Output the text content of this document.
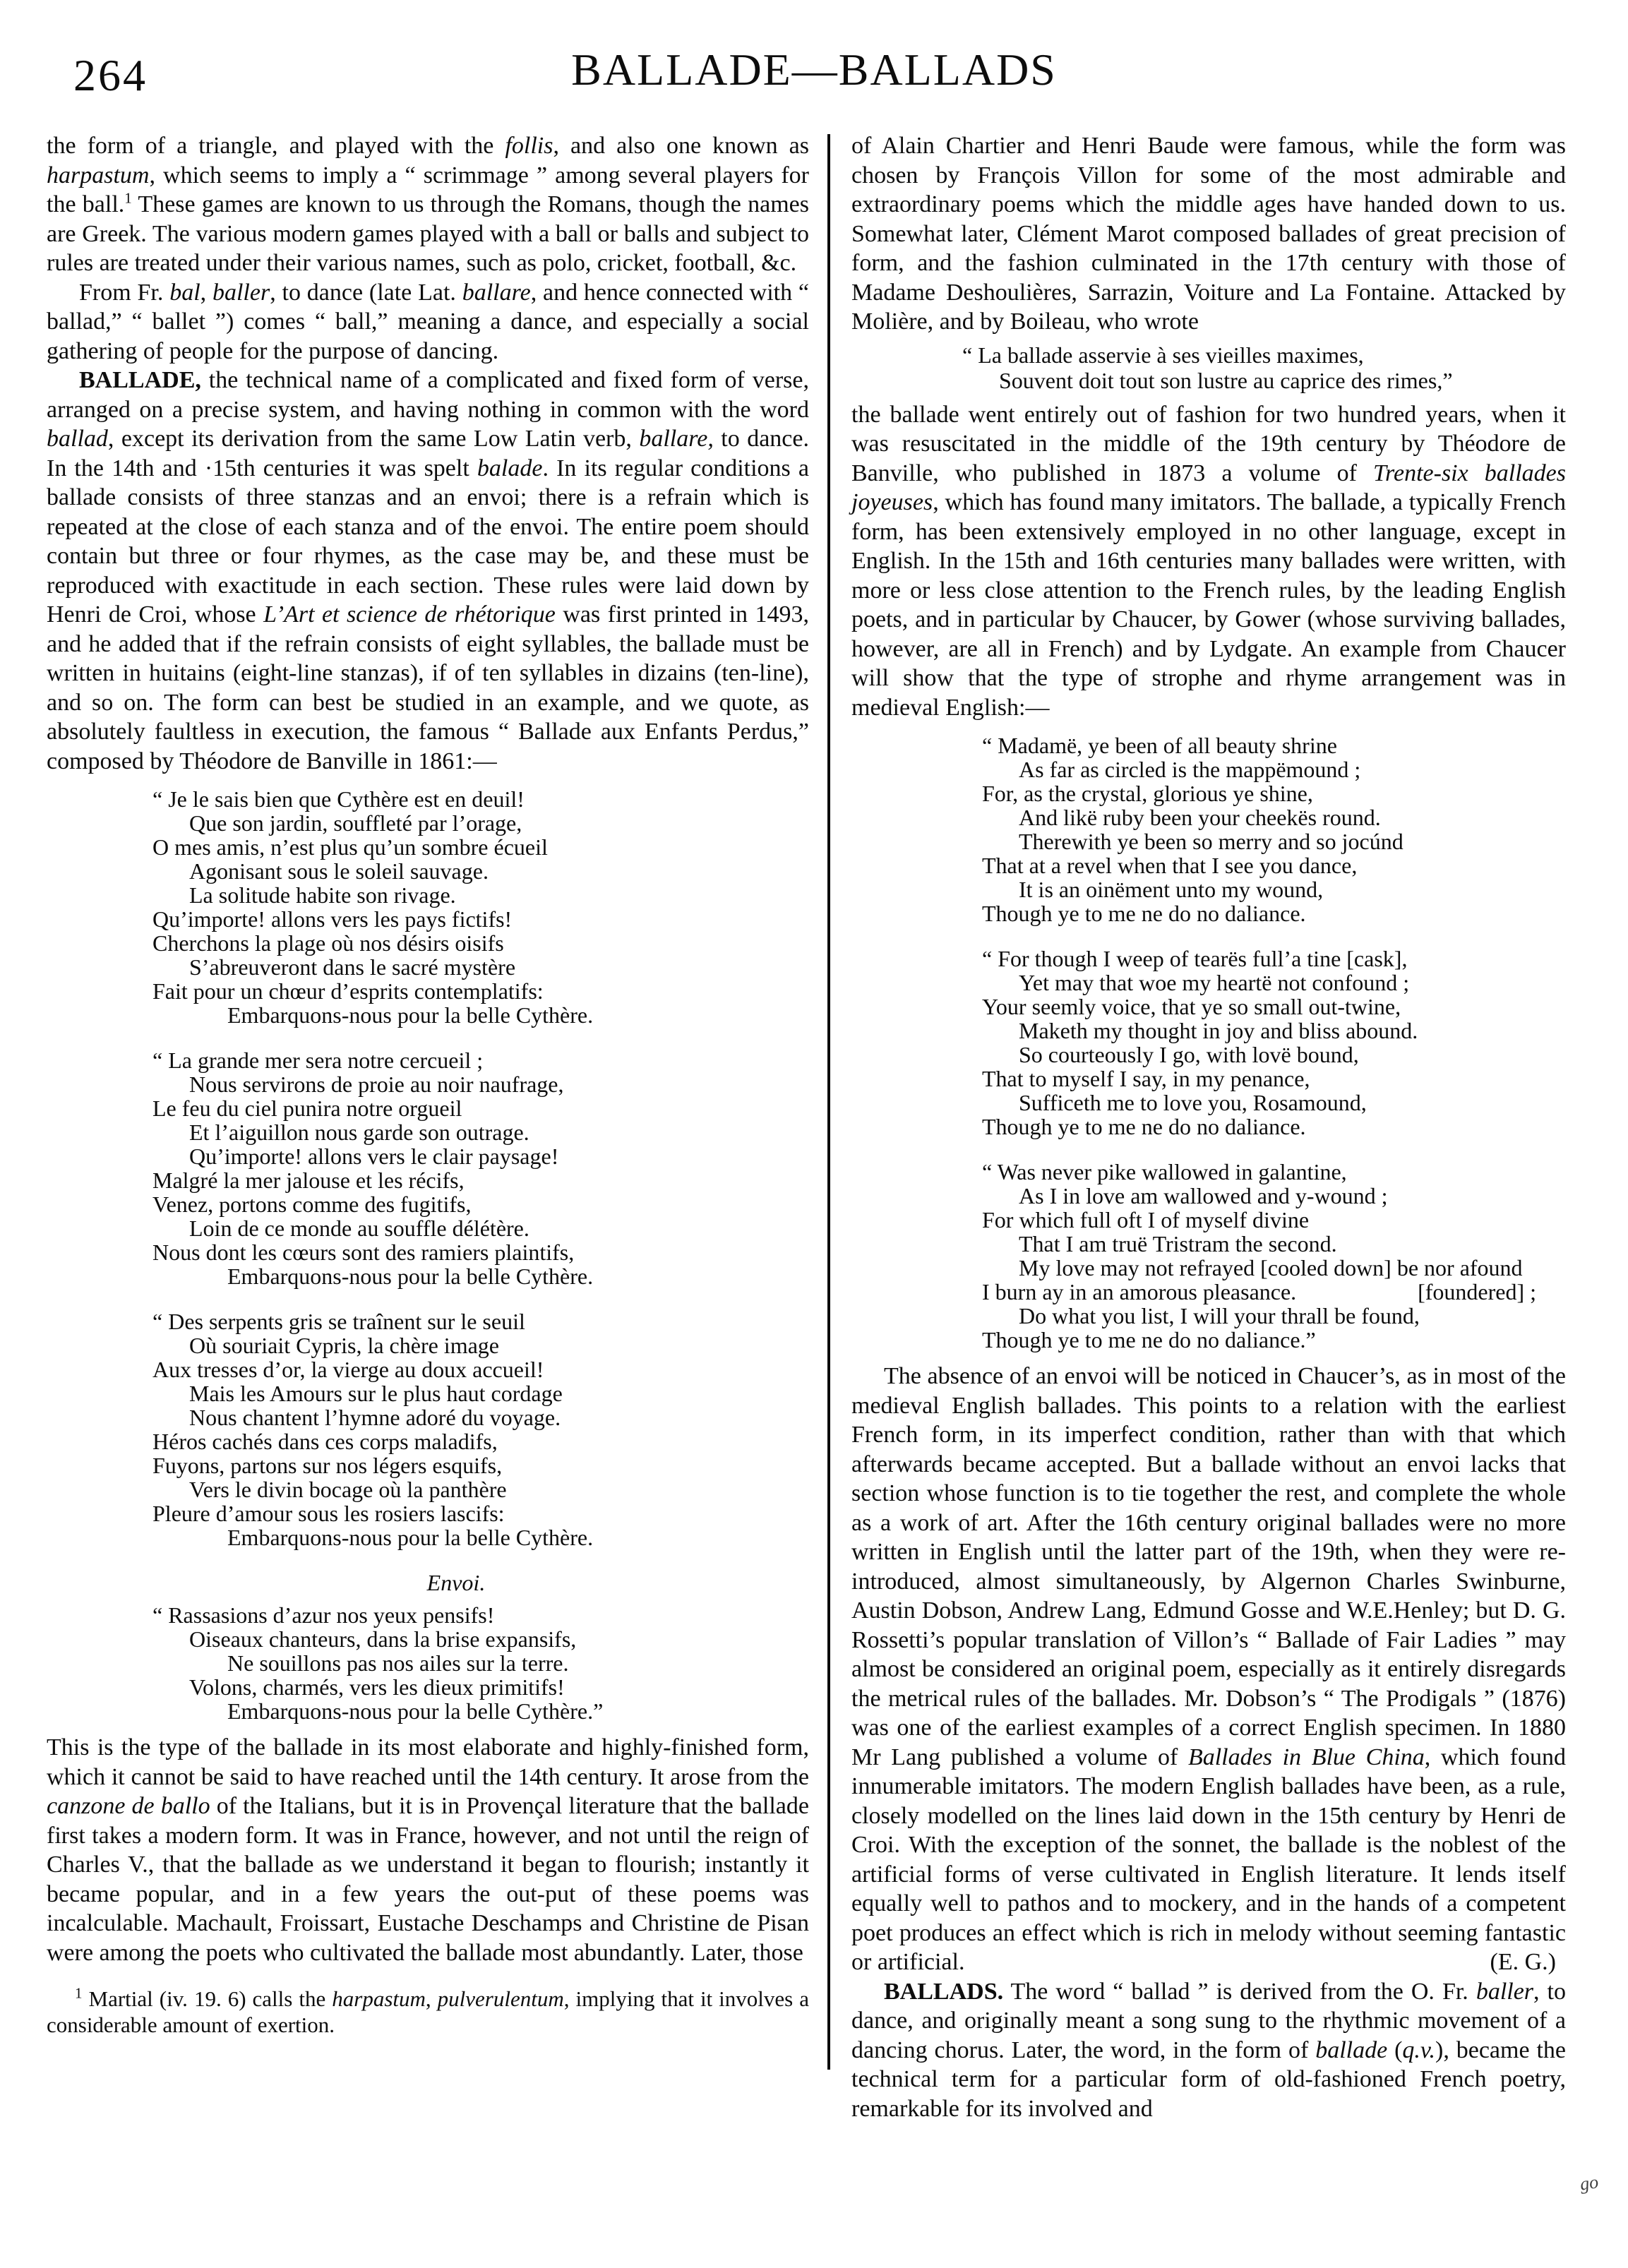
264	BALLADE—BALLADS

the form of a triangle, and played with the follis, and also one known as harpastum, which seems to imply a “ scrimmage ” among several players for the ball.$^1$ These games are known to us through the Romans, though the names are Greek. The various modern games played with a ball or balls and subject to rules are treated under their various names, such as polo, cricket, football, &c.

From Fr. bal, baller, to dance (late Lat. ballare, and hence connected with “ ballad,” “ ballet ”) comes “ ball,” meaning a dance, and especially a social gathering of people for the purpose of dancing.

BALLADE, the technical name of a complicated and fixed form of verse, arranged on a precise system, and having nothing in common with the word ballad, except its derivation from the same Low Latin verb, ballare, to dance. In the 14th and ·15th centuries it was spelt balade. In its regular conditions a ballade consists of three stanzas and an envoi; there is a refrain which is repeated at the close of each stanza and of the envoi. The entire poem should contain but three or four rhymes, as the case may be, and these must be reproduced with exactitude in each section. These rules were laid down by Henri de Croi, whose L’Art et science de rhétorique was first printed in 1493, and he added that if the refrain consists of eight syllables, the ballade must be written in huitains (eight-line stanzas), if of ten syllables in dizains (ten-line), and so on. The form can best be studied in an example, and we quote, as absolutely faultless in execution, the famous “ Ballade aux Enfants Perdus,” composed by Théodore de Banville in 1861:—

“ Je le sais bien que Cythère est en deuil!
Que son jardin, souffleté par l’orage,
O mes amis, n’est plus qu’un sombre écueil
Agonisant sous le soleil sauvage.
La solitude habite son rivage.
Qu’importe! allons vers les pays fictifs!
Cherchons la plage où nos désirs oisifs
S’abreuveront dans le sacré mystère
Fait pour un chœur d’esprits contemplatifs:
Embarquons-nous pour la belle Cythère.
“ La grande mer sera notre cercueil ;
Nous servirons de proie au noir naufrage,
Le feu du ciel punira notre orgueil
Et l’aiguillon nous garde son outrage.
Qu’importe! allons vers le clair paysage!
Malgré la mer jalouse et les récifs,
Venez, portons comme des fugitifs,
Loin de ce monde au souffle délétère.
Nous dont les cœurs sont des ramiers plaintifs,
Embarquons-nous pour la belle Cythère.
“ Des serpents gris se traînent sur le seuil
Où souriait Cypris, la chère image
Aux tresses d’or, la vierge au doux accueil!
Mais les Amours sur le plus haut cordage
Nous chantent l’hymne adoré du voyage.
Héros cachés dans ces corps maladifs,
Fuyons, partons sur nos légers esquifs,
Vers le divin bocage où la panthère
Pleure d’amour sous les rosiers lascifs:
Embarquons-nous pour la belle Cythère.
Envoi.
“ Rassasions d’azur nos yeux pensifs!
Oiseaux chanteurs, dans la brise expansifs,
Ne souillons pas nos ailes sur la terre.
Volons, charmés, vers les dieux primitifs!
Embarquons-nous pour la belle Cythère.”

This is the type of the ballade in its most elaborate and highly-finished form, which it cannot be said to have reached until the 14th century. It arose from the canzone de ballo of the Italians, but it is in Provençal literature that the ballade first takes a modern form. It was in France, however, and not until the reign of Charles V., that the ballade as we understand it began to flourish; instantly it became popular, and in a few years the out-put of these poems was incalculable. Machault, Froissart, Eustache Deschamps and Christine de Pisan were among the poets who cultivated the ballade most abundantly. Later, those

$^1$ Martial (iv. 19. 6) calls the harpastum, pulverulentum, implying that it involves a considerable amount of exertion.

of Alain Chartier and Henri Baude were famous, while the form was chosen by François Villon for some of the most admirable and extraordinary poems which the middle ages have handed down to us. Somewhat later, Clément Marot composed ballades of great precision of form, and the fashion culminated in the 17th century with those of Madame Deshoulières, Sarrazin, Voiture and La Fontaine. Attacked by Molière, and by Boileau, who wrote

“ La ballade asservie à ses vieilles maximes,
Souvent doit tout son lustre au caprice des rimes,”

the ballade went entirely out of fashion for two hundred years, when it was resuscitated in the middle of the 19th century by Théodore de Banville, who published in 1873 a volume of Trente-six ballades joyeuses, which has found many imitators. The ballade, a typically French form, has been extensively employed in no other language, except in English. In the 15th and 16th centuries many ballades were written, with more or less close attention to the French rules, by the leading English poets, and in particular by Chaucer, by Gower (whose surviving ballades, however, are all in French) and by Lydgate. An example from Chaucer will show that the type of strophe and rhyme arrangement was in medieval English:—

“ Madamë, ye been of all beauty shrine
As far as circled is the mappëmound ;
For, as the crystal, glorious ye shine,
And likë ruby been your cheekës round.
Therewith ye been so merry and so jocúnd
That at a revel when that I see you dance,
It is an oinëment unto my wound,
Though ye to me ne do no daliance.
“ For though I weep of tearës full’a tine [cask],
Yet may that woe my heartë not confound ;
Your seemly voice, that ye so small out-twine,
Maketh my thought in joy and bliss abound.
So courteously I go, with lovë bound,
That to myself I say, in my penance,
Sufficeth me to love you, Rosamound,
Though ye to me ne do no daliance.
“ Was never pike wallowed in galantine,
As I in love am wallowed and y-wound ;
For which full oft I of myself divine
That I am truë Tristram the second.
My love may not refrayed [cooled down] be nor afound
I burn ay in an amorous pleasance.	[foundered] ;
Do what you list, I will your thrall be found,
Though ye to me ne do no daliance.”

The absence of an envoi will be noticed in Chaucer’s, as in most of the medieval English ballades. This points to a relation with the earliest French form, in its imperfect condition, rather than with that which afterwards became accepted. But a ballade without an envoi lacks that section whose function is to tie together the rest, and complete the whole as a work of art. After the 16th century original ballades were no more written in English until the latter part of the 19th, when they were re-introduced, almost simultaneously, by Algernon Charles Swinburne, Austin Dobson, Andrew Lang, Edmund Gosse and W.E.Henley; but D. G. Rossetti’s popular translation of Villon’s “ Ballade of Fair Ladies ” may almost be considered an original poem, especially as it entirely disregards the metrical rules of the ballades. Mr. Dobson’s “ The Prodigals ” (1876) was one of the earliest examples of a correct English specimen. In 1880 Mr Lang published a volume of Ballades in Blue China, which found innumerable imitators. The modern English ballades have been, as a rule, closely modelled on the lines laid down in the 15th century by Henri de Croi. With the exception of the sonnet, the ballade is the noblest of the artificial forms of verse cultivated in English literature. It lends itself equally well to pathos and to mockery, and in the hands of a competent poet produces an effect which is rich in melody without seeming fantastic or artificial.	(E. G.)

BALLADS. The word “ ballad ” is derived from the O. Fr. baller, to dance, and originally meant a song sung to the rhythmic movement of a dancing chorus. Later, the word, in the form of ballade (q.v.), became the technical term for a particular form of old-fashioned French poetry, remarkable for its involved and

go
